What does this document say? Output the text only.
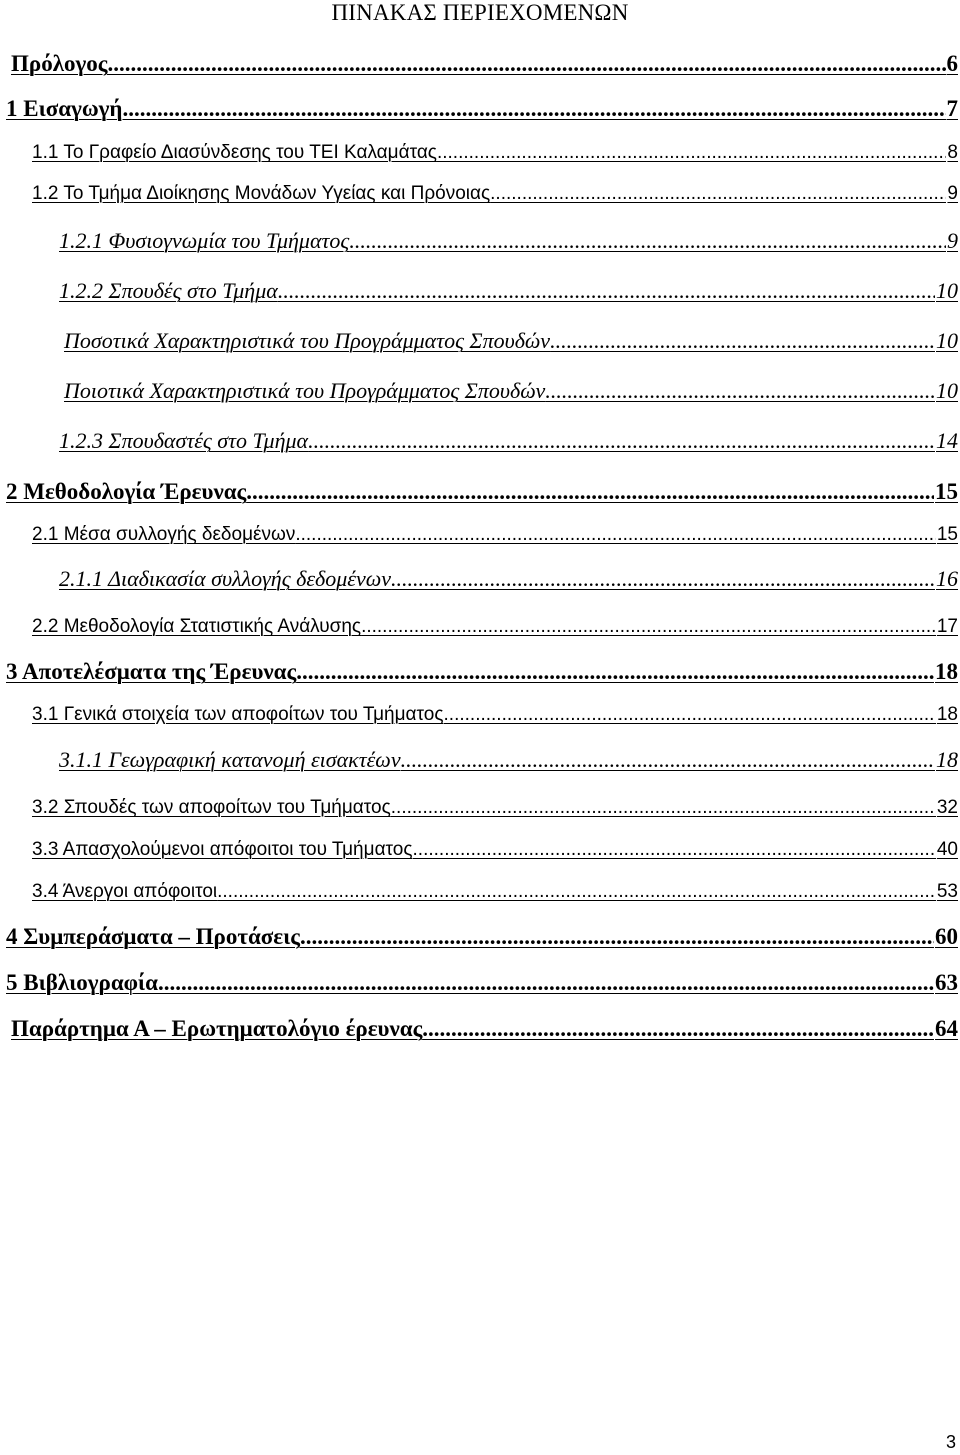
ΠΙΝΑΚΑΣ ΠΕΡΙΕΧΟΜΕΝΩΝ
Πρόλογος .....	6
1 Εισαγωγή .....	7
1.1 Το Γραφείο Διασύνδεσης του ΤΕΙ Καλαμάτας .....	8
1.2 Το Τμήμα Διοίκησης Μονάδων Υγείας και Πρόνοιας .....	9
1.2.1 Φυσιογνωμία του Τμήματος .....	9
1.2.2 Σπουδές στο Τμήμα .....	10
Ποσοτικά Χαρακτηριστικά του Προγράμματος Σπουδών .....	10
Ποιοτικά Χαρακτηριστικά του Προγράμματος Σπουδών .....	10
1.2.3 Σπουδαστές στο Τμήμα .....	14
2 Μεθοδολογία Έρευνας .....	15
2.1 Μέσα συλλογής δεδομένων .....	15
2.1.1 Διαδικασία συλλογής δεδομένων .....	16
2.2 Μεθοδολογία Στατιστικής Ανάλυσης .....	17
3 Αποτελέσματα της Έρευνας .....	18
3.1 Γενικά στοιχεία των αποφοίτων του Τμήματος .....	18
3.1.1 Γεωγραφική κατανομή εισακτέων .....	18
3.2 Σπουδές των αποφοίτων του Τμήματος .....	32
3.3 Απασχολούμενοι απόφοιτοι του Τμήματος .....	40
3.4 Άνεργοι απόφοιτοι .....	53
4 Συμπεράσματα – Προτάσεις .....	60
5 Βιβλιογραφία .....	63
Παράρτημα Α – Ερωτηματολόγιο έρευνας .....	64
3
